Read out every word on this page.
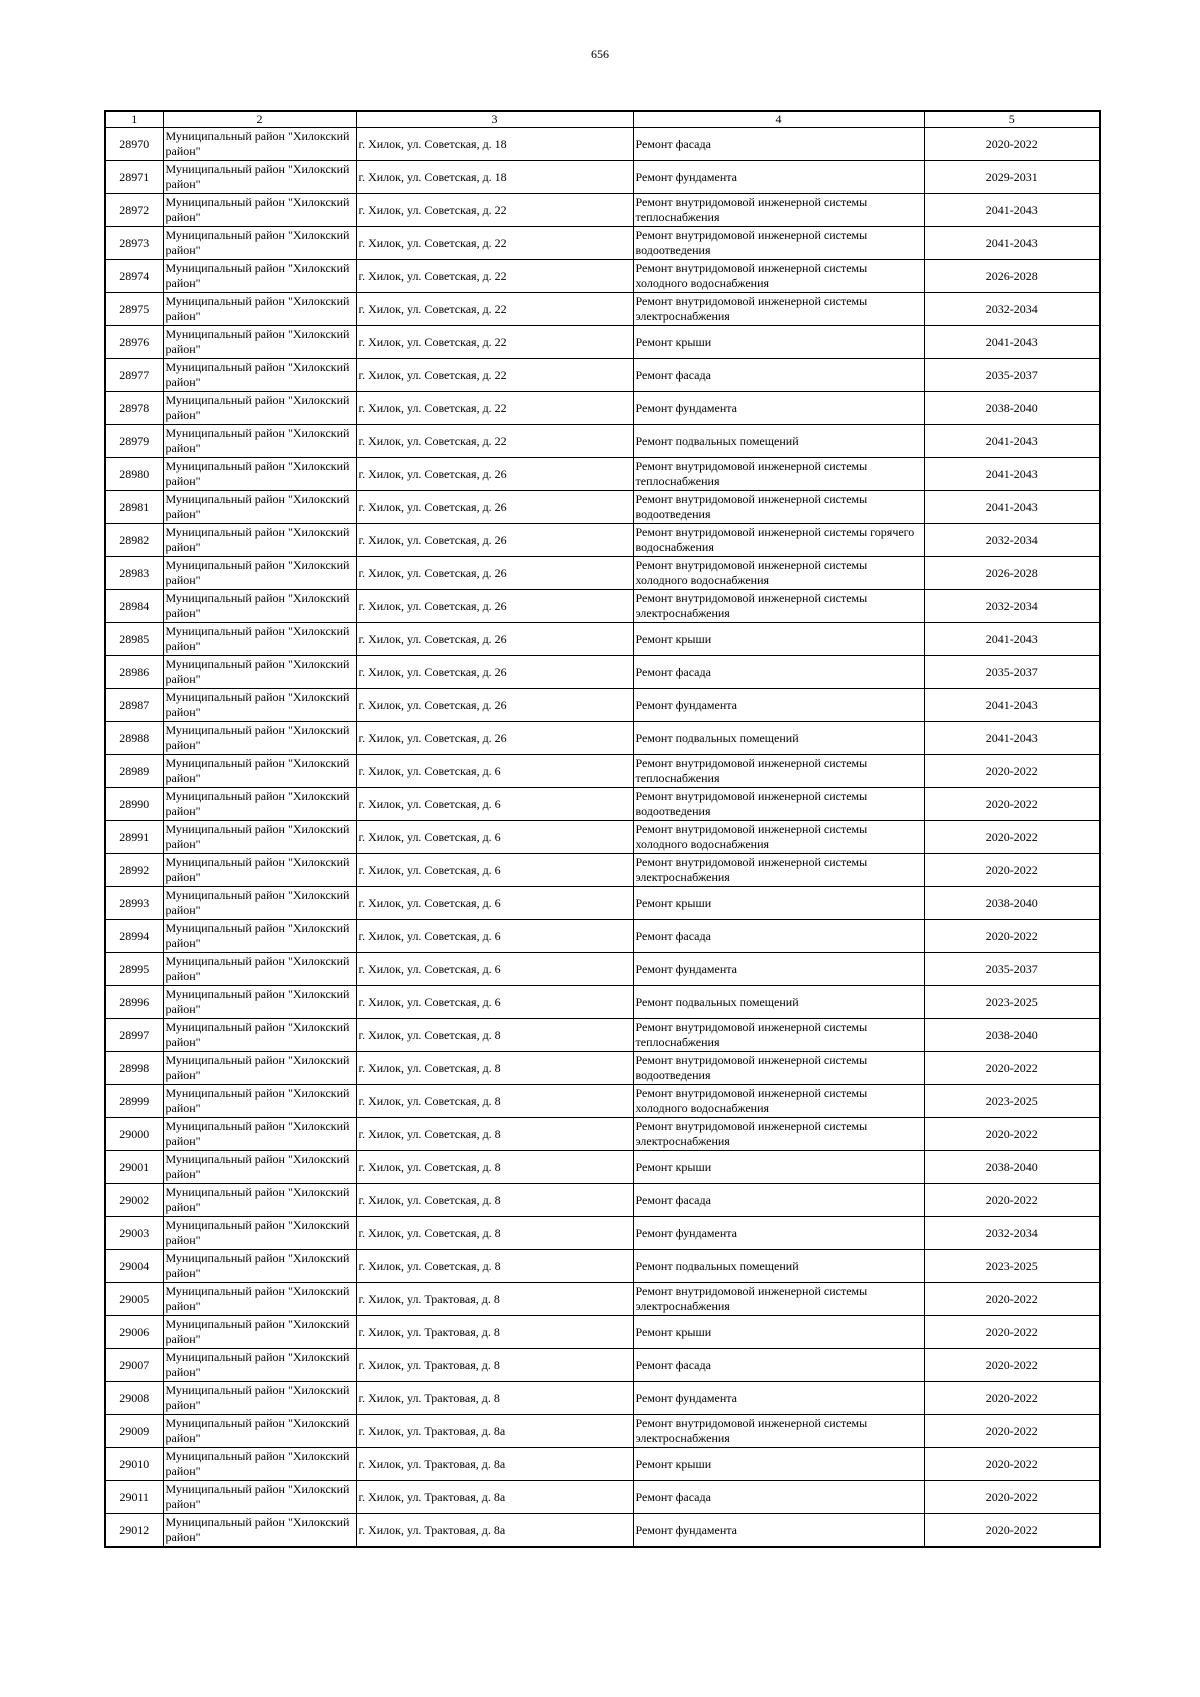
656
1	2	3	4	5
28970	Муниципальный район "Хилокский район"	г. Хилок, ул. Советская, д. 18	Ремонт фасада	2020-2022
28971	Муниципальный район "Хилокский район"	г. Хилок, ул. Советская, д. 18	Ремонт фундамента	2029-2031
28972	Муниципальный район "Хилокский район"	г. Хилок, ул. Советская, д. 22	Ремонт внутридомовой инженерной системы теплоснабжения	2041-2043
28973	Муниципальный район "Хилокский район"	г. Хилок, ул. Советская, д. 22	Ремонт внутридомовой инженерной системы водоотведения	2041-2043
28974	Муниципальный район "Хилокский район"	г. Хилок, ул. Советская, д. 22	Ремонт внутридомовой инженерной системы холодного водоснабжения	2026-2028
28975	Муниципальный район "Хилокский район"	г. Хилок, ул. Советская, д. 22	Ремонт внутридомовой инженерной системы электроснабжения	2032-2034
28976	Муниципальный район "Хилокский район"	г. Хилок, ул. Советская, д. 22	Ремонт крыши	2041-2043
28977	Муниципальный район "Хилокский район"	г. Хилок, ул. Советская, д. 22	Ремонт фасада	2035-2037
28978	Муниципальный район "Хилокский район"	г. Хилок, ул. Советская, д. 22	Ремонт фундамента	2038-2040
28979	Муниципальный район "Хилокский район"	г. Хилок, ул. Советская, д. 22	Ремонт подвальных помещений	2041-2043
28980	Муниципальный район "Хилокский район"	г. Хилок, ул. Советская, д. 26	Ремонт внутридомовой инженерной системы теплоснабжения	2041-2043
28981	Муниципальный район "Хилокский район"	г. Хилок, ул. Советская, д. 26	Ремонт внутридомовой инженерной системы водоотведения	2041-2043
28982	Муниципальный район "Хилокский район"	г. Хилок, ул. Советская, д. 26	Ремонт внутридомовой инженерной системы горячего водоснабжения	2032-2034
28983	Муниципальный район "Хилокский район"	г. Хилок, ул. Советская, д. 26	Ремонт внутридомовой инженерной системы холодного водоснабжения	2026-2028
28984	Муниципальный район "Хилокский район"	г. Хилок, ул. Советская, д. 26	Ремонт внутридомовой инженерной системы электроснабжения	2032-2034
28985	Муниципальный район "Хилокский район"	г. Хилок, ул. Советская, д. 26	Ремонт крыши	2041-2043
28986	Муниципальный район "Хилокский район"	г. Хилок, ул. Советская, д. 26	Ремонт фасада	2035-2037
28987	Муниципальный район "Хилокский район"	г. Хилок, ул. Советская, д. 26	Ремонт фундамента	2041-2043
28988	Муниципальный район "Хилокский район"	г. Хилок, ул. Советская, д. 26	Ремонт подвальных помещений	2041-2043
28989	Муниципальный район "Хилокский район"	г. Хилок, ул. Советская, д. 6	Ремонт внутридомовой инженерной системы теплоснабжения	2020-2022
28990	Муниципальный район "Хилокский район"	г. Хилок, ул. Советская, д. 6	Ремонт внутридомовой инженерной системы водоотведения	2020-2022
28991	Муниципальный район "Хилокский район"	г. Хилок, ул. Советская, д. 6	Ремонт внутридомовой инженерной системы холодного водоснабжения	2020-2022
28992	Муниципальный район "Хилокский район"	г. Хилок, ул. Советская, д. 6	Ремонт внутридомовой инженерной системы электроснабжения	2020-2022
28993	Муниципальный район "Хилокский район"	г. Хилок, ул. Советская, д. 6	Ремонт крыши	2038-2040
28994	Муниципальный район "Хилокский район"	г. Хилок, ул. Советская, д. 6	Ремонт фасада	2020-2022
28995	Муниципальный район "Хилокский район"	г. Хилок, ул. Советская, д. 6	Ремонт фундамента	2035-2037
28996	Муниципальный район "Хилокский район"	г. Хилок, ул. Советская, д. 6	Ремонт подвальных помещений	2023-2025
28997	Муниципальный район "Хилокский район"	г. Хилок, ул. Советская, д. 8	Ремонт внутридомовой инженерной системы теплоснабжения	2038-2040
28998	Муниципальный район "Хилокский район"	г. Хилок, ул. Советская, д. 8	Ремонт внутридомовой инженерной системы водоотведения	2020-2022
28999	Муниципальный район "Хилокский район"	г. Хилок, ул. Советская, д. 8	Ремонт внутридомовой инженерной системы холодного водоснабжения	2023-2025
29000	Муниципальный район "Хилокский район"	г. Хилок, ул. Советская, д. 8	Ремонт внутридомовой инженерной системы электроснабжения	2020-2022
29001	Муниципальный район "Хилокский район"	г. Хилок, ул. Советская, д. 8	Ремонт крыши	2038-2040
29002	Муниципальный район "Хилокский район"	г. Хилок, ул. Советская, д. 8	Ремонт фасада	2020-2022
29003	Муниципальный район "Хилокский район"	г. Хилок, ул. Советская, д. 8	Ремонт фундамента	2032-2034
29004	Муниципальный район "Хилокский район"	г. Хилок, ул. Советская, д. 8	Ремонт подвальных помещений	2023-2025
29005	Муниципальный район "Хилокский район"	г. Хилок, ул. Трактовая, д. 8	Ремонт внутридомовой инженерной системы электроснабжения	2020-2022
29006	Муниципальный район "Хилокский район"	г. Хилок, ул. Трактовая, д. 8	Ремонт крыши	2020-2022
29007	Муниципальный район "Хилокский район"	г. Хилок, ул. Трактовая, д. 8	Ремонт фасада	2020-2022
29008	Муниципальный район "Хилокский район"	г. Хилок, ул. Трактовая, д. 8	Ремонт фундамента	2020-2022
29009	Муниципальный район "Хилокский район"	г. Хилок, ул. Трактовая, д. 8а	Ремонт внутридомовой инженерной системы электроснабжения	2020-2022
29010	Муниципальный район "Хилокский район"	г. Хилок, ул. Трактовая, д. 8а	Ремонт крыши	2020-2022
29011	Муниципальный район "Хилокский район"	г. Хилок, ул. Трактовая, д. 8а	Ремонт фасада	2020-2022
29012	Муниципальный район "Хилокский район"	г. Хилок, ул. Трактовая, д. 8а	Ремонт фундамента	2020-2022
